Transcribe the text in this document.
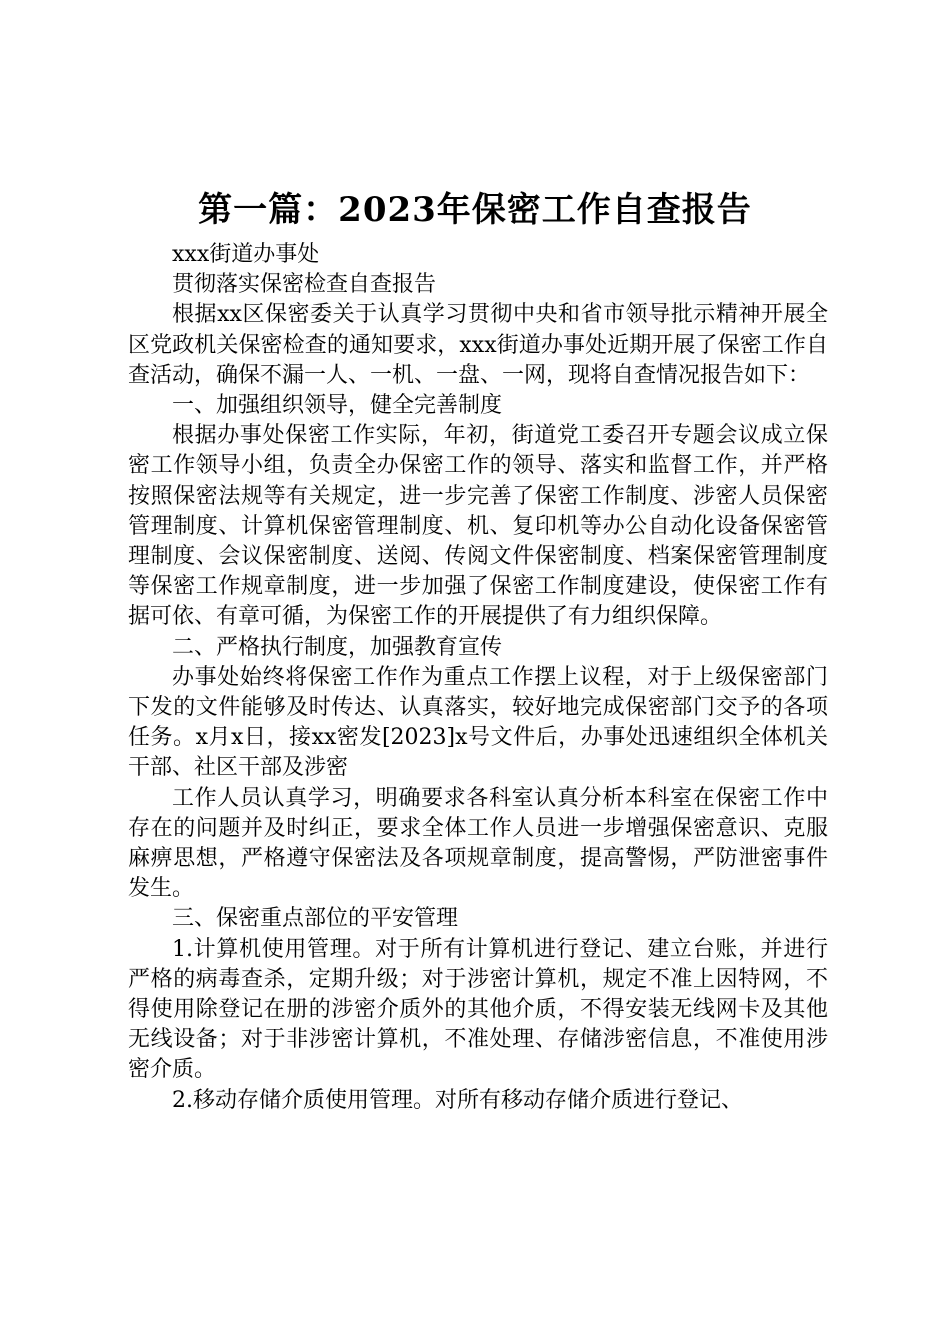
第一篇：2023年保密工作自查报告

xxx街道办事处

贯彻落实保密检查自查报告

根据xx区保密委关于认真学习贯彻中央和省市领导批示精神开展全区党政机关保密检查的通知要求，xxx街道办事处近期开展了保密工作自查活动，确保不漏一人、一机、一盘、一网，现将自查情况报告如下：

一、加强组织领导，健全完善制度

根据办事处保密工作实际，年初，街道党工委召开专题会议成立保密工作领导小组，负责全办保密工作的领导、落实和监督工作，并严格按照保密法规等有关规定，进一步完善了保密工作制度、涉密人员保密管理制度、计算机保密管理制度、机、复印机等办公自动化设备保密管理制度、会议保密制度、送阅、传阅文件保密制度、档案保密管理制度等保密工作规章制度，进一步加强了保密工作制度建设，使保密工作有据可依、有章可循，为保密工作的开展提供了有力组织保障。

二、严格执行制度，加强教育宣传

办事处始终将保密工作作为重点工作摆上议程，对于上级保密部门下发的文件能够及时传达、认真落实，较好地完成保密部门交予的各项任务。x月x日，接xx密发[2023]x号文件后，办事处迅速组织全体机关干部、社区干部及涉密

工作人员认真学习，明确要求各科室认真分析本科室在保密工作中存在的问题并及时纠正，要求全体工作人员进一步增强保密意识、克服麻痹思想，严格遵守保密法及各项规章制度，提高警惕，严防泄密事件发生。

三、保密重点部位的平安管理

1.计算机使用管理。对于所有计算机进行登记、建立台账，并进行严格的病毒查杀，定期升级；对于涉密计算机，规定不准上因特网，不得使用除登记在册的涉密介质外的其他介质，不得安装无线网卡及其他无线设备；对于非涉密计算机，不准处理、存储涉密信息，不准使用涉密介质。

2.移动存储介质使用管理。对所有移动存储介质进行登记、
